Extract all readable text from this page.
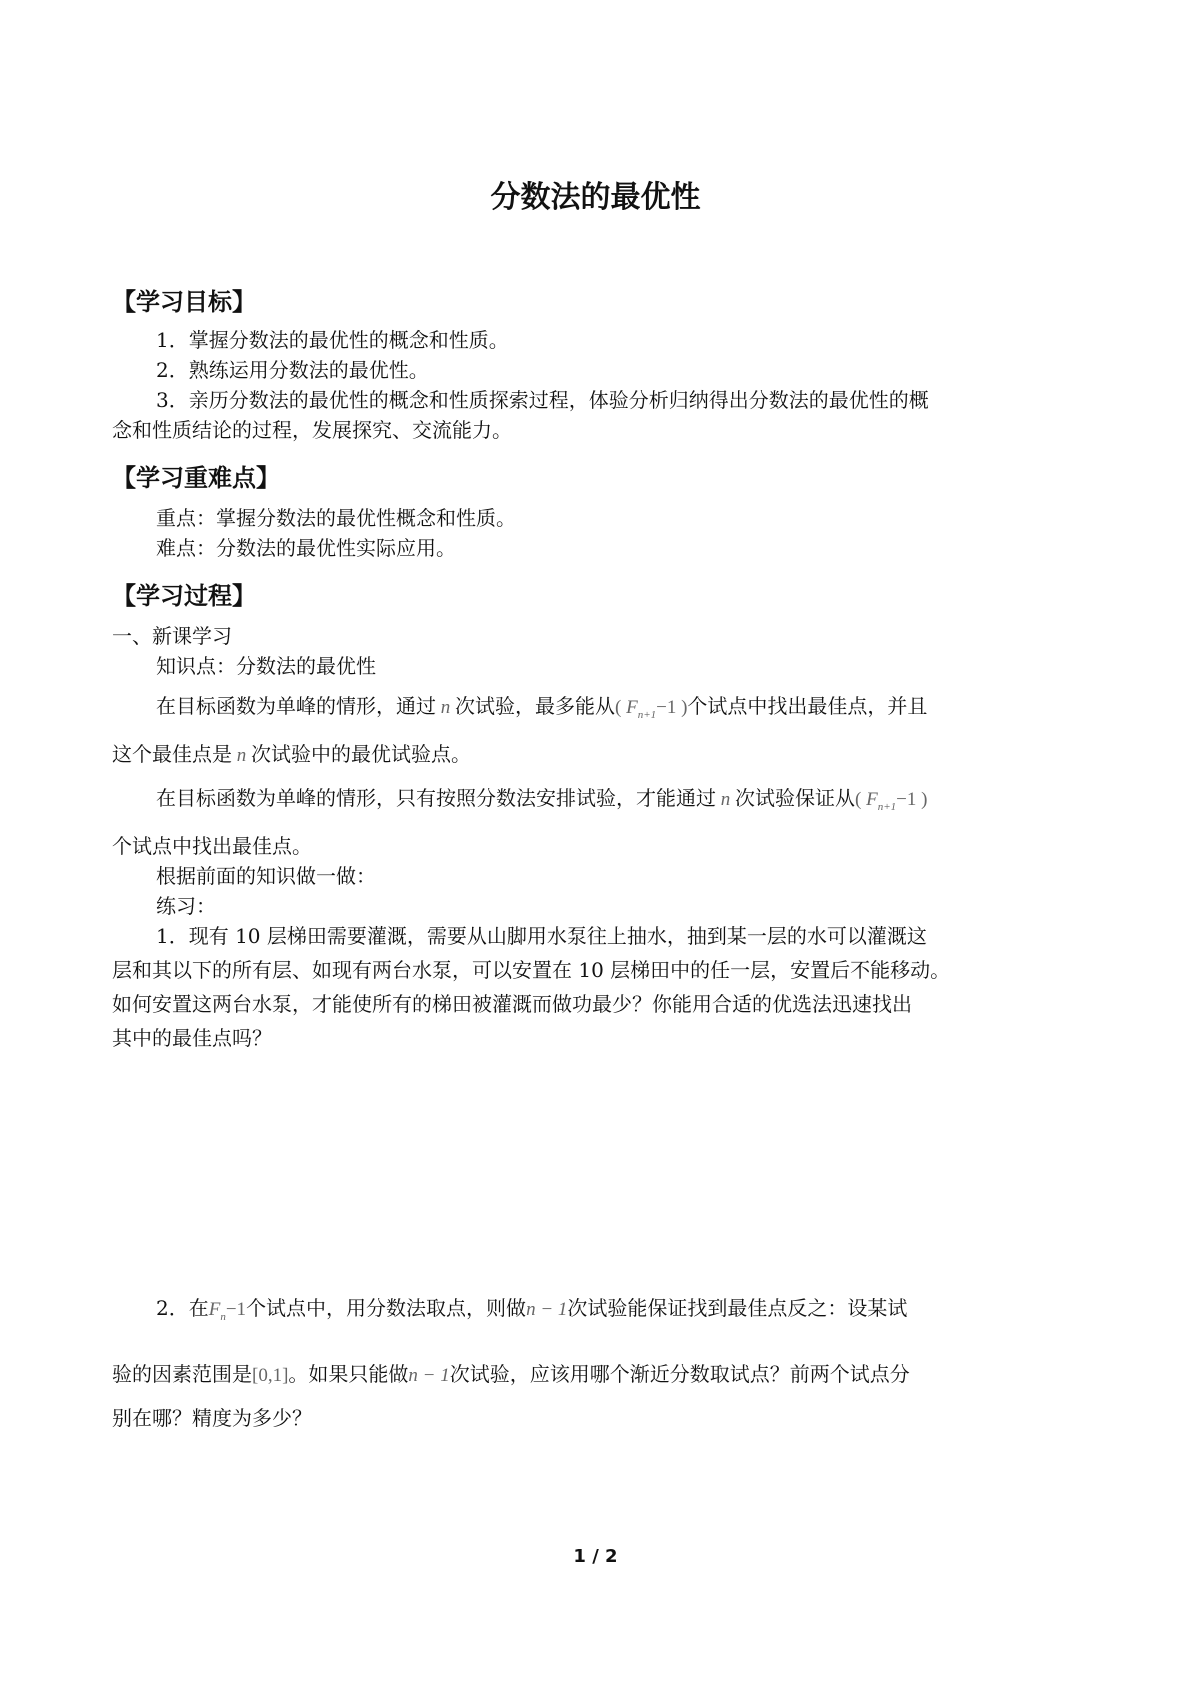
分数法的最优性
【学习目标】
1．掌握分数法的最优性的概念和性质。
2．熟练运用分数法的最优性。
3．亲历分数法的最优性的概念和性质探索过程，体验分析归纳得出分数法的最优性的概
念和性质结论的过程，发展探究、交流能力。
【学习重难点】
重点：掌握分数法的最优性概念和性质。
难点：分数法的最优性实际应用。
【学习过程】
一、新课学习
知识点：分数法的最优性
在目标函数为单峰的情形，通过 n 次试验，最多能从( $F_{n+1}-1$ )个试点中找出最佳点，并且
这个最佳点是 n 次试验中的最优试验点。
在目标函数为单峰的情形，只有按照分数法安排试验，才能通过 n 次试验保证从( $F_{n+1}-1$ )
个试点中找出最佳点。
根据前面的知识做一做：
练习：
1．现有 10 层梯田需要灌溉，需要从山脚用水泵往上抽水，抽到某一层的水可以灌溉这
层和其以下的所有层、如现有两台水泵，可以安置在 10 层梯田中的任一层，安置后不能移动。
如何安置这两台水泵，才能使所有的梯田被灌溉而做功最少？你能用合适的优选法迅速找出
其中的最佳点吗？
2．在$F_n-1$个试点中，用分数法取点，则做n − 1次试验能保证找到最佳点反之：设某试
验的因素范围是[0,1]。如果只能做n − 1次试验，应该用哪个渐近分数取试点？前两个试点分
别在哪？精度为多少？
1 / 2
